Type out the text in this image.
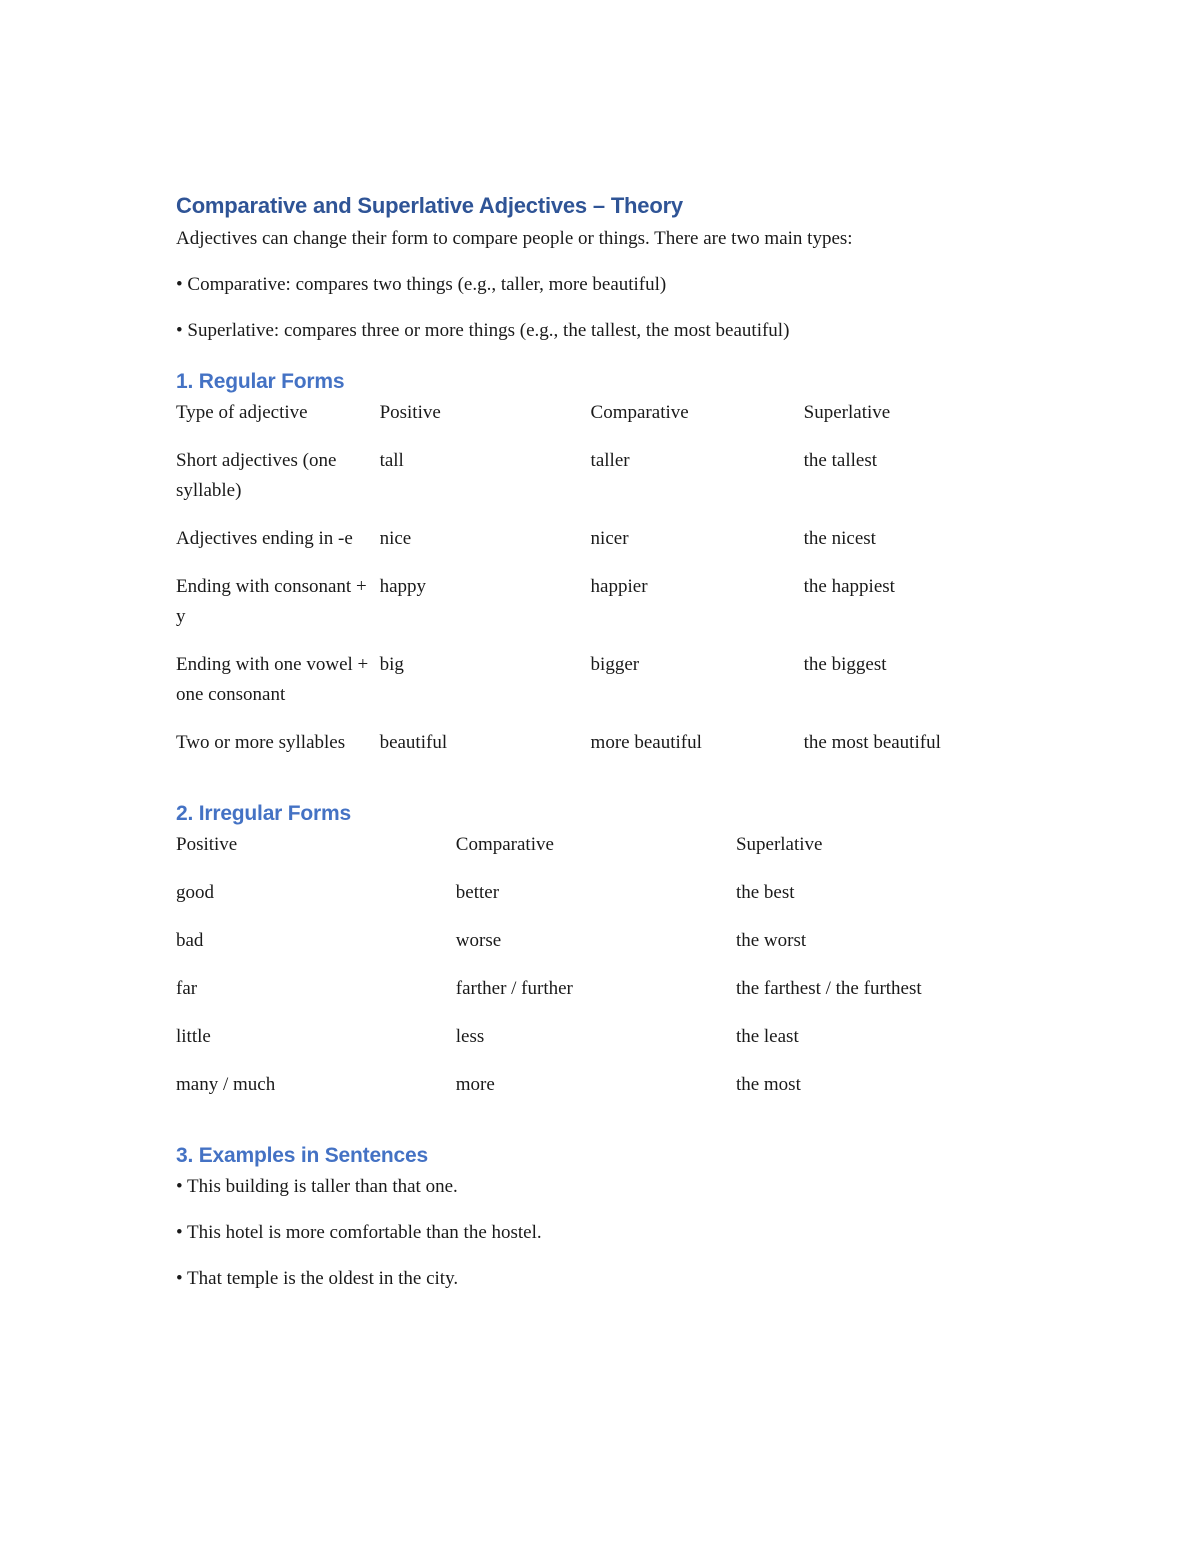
Comparative and Superlative Adjectives – Theory

Adjectives can change their form to compare people or things. There are two main types:

• Comparative: compares two things (e.g., taller, more beautiful)

• Superlative: compares three or more things (e.g., the tallest, the most beautiful)

1. Regular Forms
Type of adjective	Positive	Comparative	Superlative
Short adjectives (one syllable)	tall	taller	the tallest
Adjectives ending in -e	nice	nicer	the nicest
Ending with consonant + y	happy	happier	the happiest
Ending with one vowel + one consonant	big	bigger	the biggest
Two or more syllables	beautiful	more beautiful	the most beautiful
2. Irregular Forms
Positive	Comparative	Superlative
good	better	the best
bad	worse	the worst
far	farther / further	the farthest / the furthest
little	less	the least
many / much	more	the most
3. Examples in Sentences

• This building is taller than that one.

• This hotel is more comfortable than the hostel.

• That temple is the oldest in the city.
